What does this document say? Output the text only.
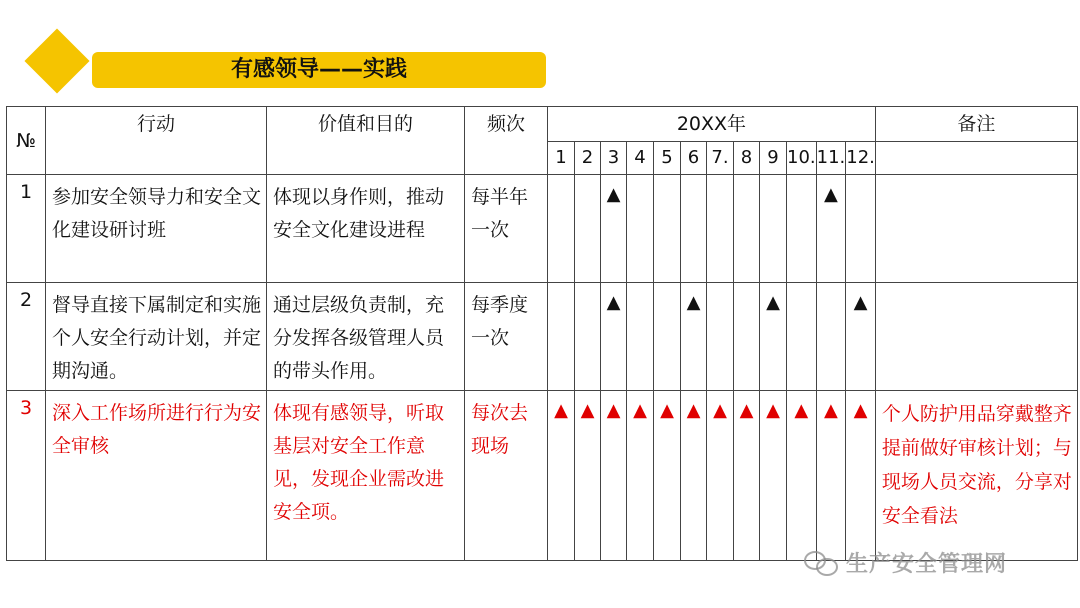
有感领导——实践
№	行动	价值和目的	频次	20XX年												备注
				1	2	3	4	5	6	7.	8	9	10.	11.	12.	
1	参加安全领导力和安全文化建设研讨班	体现以身作则，推动安全文化建设进程	每半年一次			▲								▲		
2	督导直接下属制定和实施个人安全行动计划，并定期沟通。	通过层级负责制，充分发挥各级管理人员的带头作用。	每季度一次			▲			▲			▲			▲	
3	深入工作场所进行行为安全审核	体现有感领导，听取基层对安全工作意见，发现企业需改进安全项。	每次去现场	▲	▲	▲	▲	▲	▲	▲	▲	▲	▲	▲	▲	个人防护用品穿戴整齐
提前做好审核计划；与现场人员交流，分享对安全看法
生产安全管理网
